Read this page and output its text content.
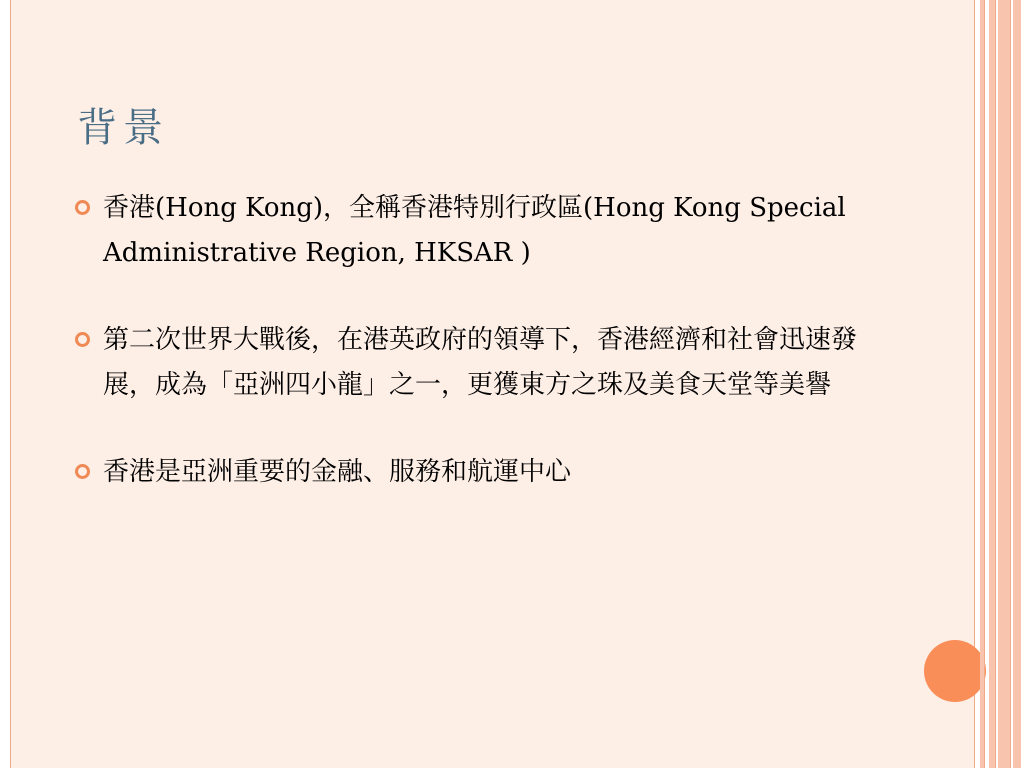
背景
香港(Hong Kong)，全稱香港特別行政區(Hong Kong Special Administrative Region, HKSAR )
第二次世界大戰後，在港英政府的領導下，香港經濟和社會迅速發展，成為「亞洲四小龍」之一，更獲東方之珠及美食天堂等美譽
香港是亞洲重要的金融、服務和航運中心
